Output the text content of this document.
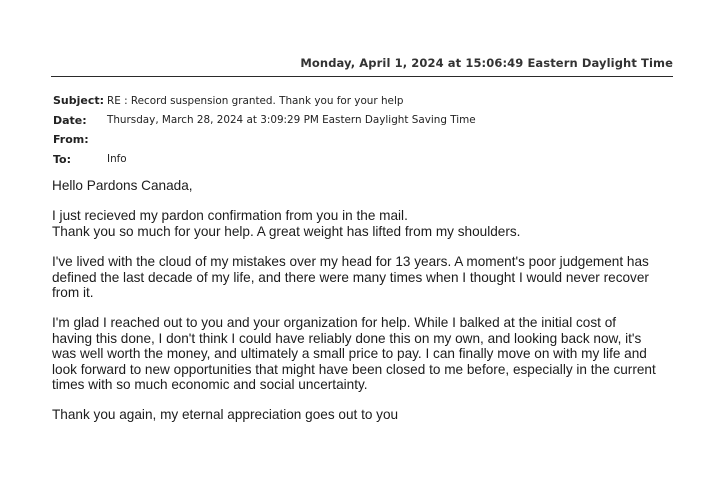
Monday, April 1, 2024 at 15:06:49 Eastern Daylight Time
Subject: RE : Record suspension granted. Thank you for your help
Date:	Thursday, March 28, 2024 at 3:09:29 PM Eastern Daylight Saving Time
From:
To:	Info

Hello Pardons Canada,

I just recieved my pardon confirmation from you in the mail.

Thank you so much for your help. A great weight has lifted from my shoulders.

I've lived with the cloud of my mistakes over my head for 13 years. A moment's poor judgement has

defined the last decade of my life, and there were many times when I thought I would never recover

from it.

I'm glad I reached out to you and your organization for help. While I balked at the initial cost of

having this done, I don't think I could have reliably done this on my own, and looking back now, it's

was well worth the money, and ultimately a small price to pay. I can finally move on with my life and

look forward to new opportunities that might have been closed to me before, especially in the current

times with so much economic and social uncertainty.

Thank you again, my eternal appreciation goes out to you
